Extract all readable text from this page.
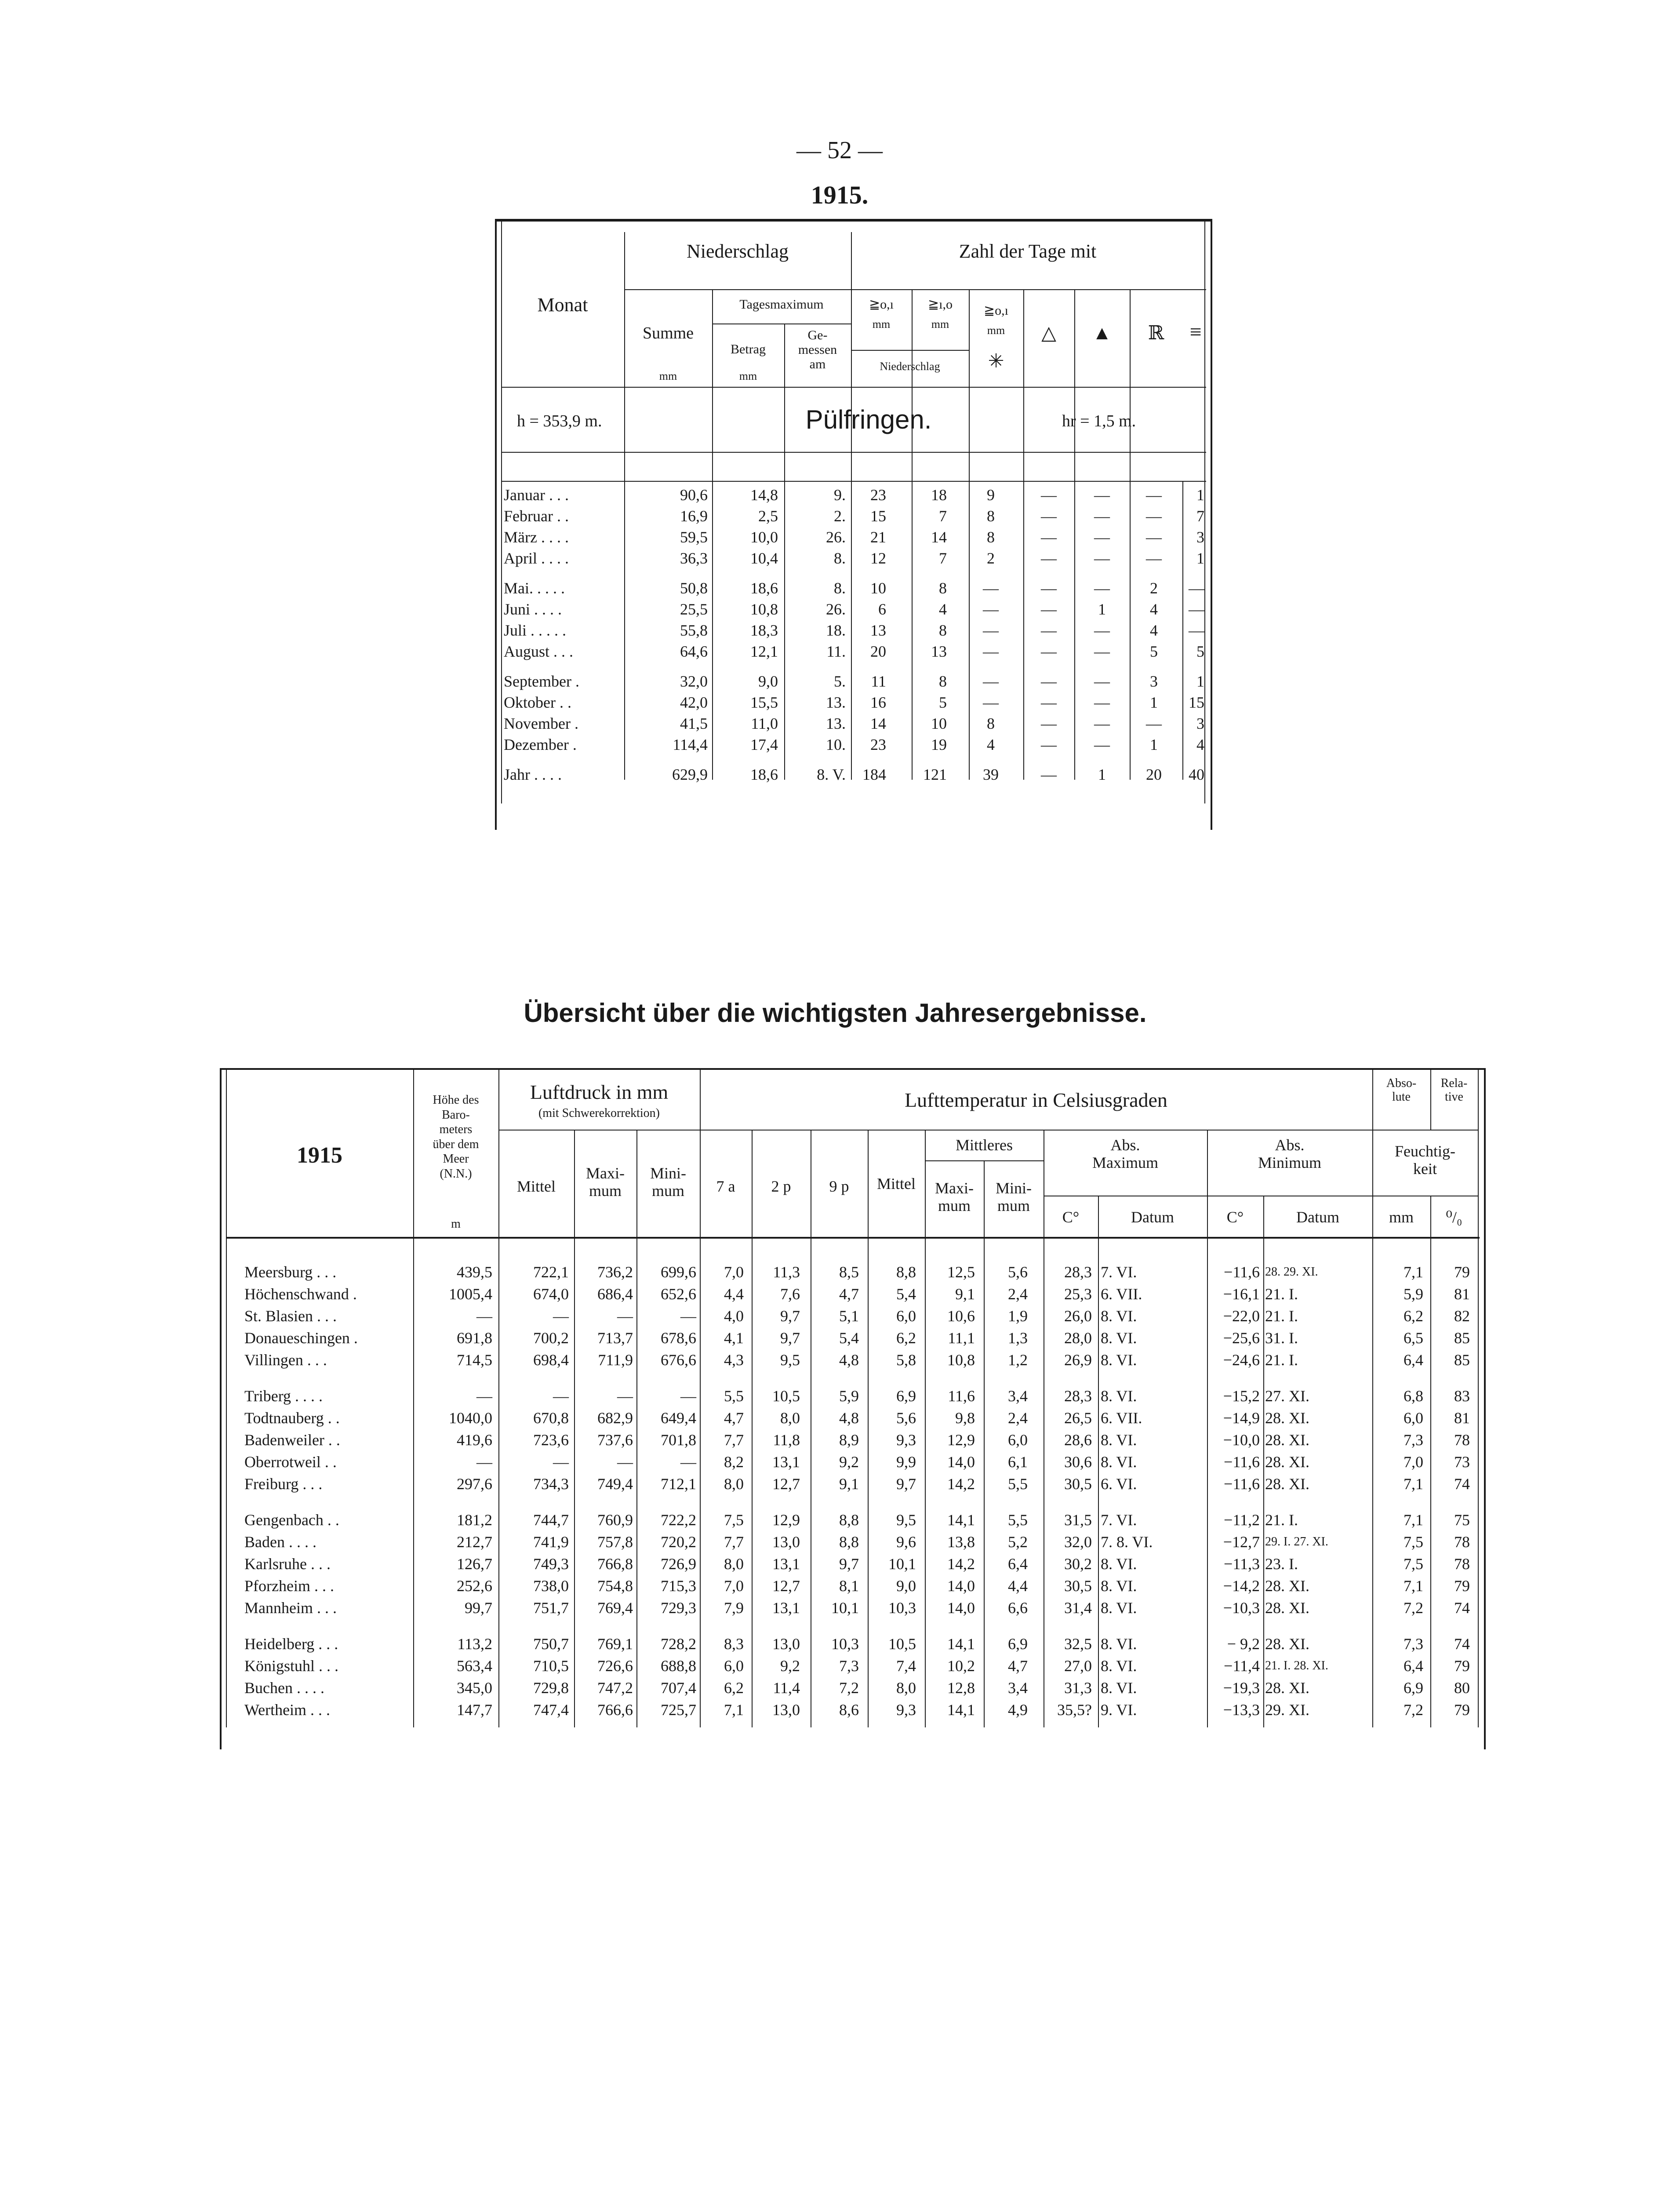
— 52 —
1915.
Monat
Niederschlag	Zahl der Tage mit
Summe
mm
Tagesmaximum
Betrag
mm
Ge-
messen
am
≧o,ı
mm
≧ı,o
mm
Niederschlag
≧o,ı
mm
✳
△	▲	ℝ	≡
h = 353,9 m.	Pülfringen.	hr = 1,5 m.
Januar . . .	90,6	14,8	9.	23	18	9	—	—	—	1
Februar . .	16,9	2,5	2.	15	7	8	—	—	—	7
März . . . .	59,5	10,0	26.	21	14	8	—	—	—	3
April . . . .	36,3	10,4	8.	12	7	2	—	—	—	1
Mai. . . . .	50,8	18,6	8.	10	8	—	—	—	2	—
Juni . . . .	25,5	10,8	26.	6	4	—	—	1	4	—
Juli . . . . .	55,8	18,3	18.	13	8	—	—	—	4	—
August . . .	64,6	12,1	11.	20	13	—	—	—	5	5
September .	32,0	9,0	5.	11	8	—	—	—	3	1
Oktober . .	42,0	15,5	13.	16	5	—	—	—	1	15
November .	41,5	11,0	13.	14	10	8	—	—	—	3
Dezember .	114,4	17,4	10.	23	19	4	—	—	1	4
Jahr . . . .	629,9	18,6	8. V.	184	121	39	—	1	20	40
Übersicht über die wichtigsten Jahresergebnisse.
1915
Höhe des
Baro-
meters
über dem
Meer
(N.N.)
m
Luftdruck in mm
(mit Schwerekorrektion)
Mittel
Maxi-
mum
Mini-
mum
Lufttemperatur in Celsiusgraden
7 a	2 p	9 p	Mittel
Mittleres
Maxi-
mum
Mini-
mum
Abs.
Maximum
Abs.
Minimum
C°	Datum	C°	Datum
Abso-
lute
Rela-
tive
Feuchtig-
keit
mm	⁰/₀
Meersburg . . .	439,5	722,1	736,2	699,6	7,0	11,3	8,5	8,8	12,5	5,6	28,3 7. VI.	−11,6 28. 29. XI.	7,1	79
Höchenschwand .	1005,4	674,0	686,4	652,6	4,4	7,6	4,7	5,4	9,1	2,4	25,3 6. VII.	−16,1 21. I.	5,9	81
St. Blasien . . .	—	—	—	—	4,0	9,7	5,1	6,0	10,6	1,9	26,0 8. VI.	−22,0 21. I.	6,2	82
Donaueschingen .	691,8	700,2	713,7	678,6	4,1	9,7	5,4	6,2	11,1	1,3	28,0 8. VI.	−25,6 31. I.	6,5	85
Villingen . . .	714,5	698,4	711,9	676,6	4,3	9,5	4,8	5,8	10,8	1,2	26,9 8. VI.	−24,6 21. I.	6,4	85
Triberg . . . .	—	—	—	—	5,5	10,5	5,9	6,9	11,6	3,4	28,3 8. VI.	−15,2 27. XI.	6,8	83
Todtnauberg . .	1040,0	670,8	682,9	649,4	4,7	8,0	4,8	5,6	9,8	2,4	26,5 6. VII.	−14,9 28. XI.	6,0	81
Badenweiler . .	419,6	723,6	737,6	701,8	7,7	11,8	8,9	9,3	12,9	6,0	28,6 8. VI.	−10,0 28. XI.	7,3	78
Oberrotweil . .	—	—	—	—	8,2	13,1	9,2	9,9	14,0	6,1	30,6 8. VI.	−11,6 28. XI.	7,0	73
Freiburg . . .	297,6	734,3	749,4	712,1	8,0	12,7	9,1	9,7	14,2	5,5	30,5 6. VI.	−11,6 28. XI.	7,1	74
Gengenbach . .	181,2	744,7	760,9	722,2	7,5	12,9	8,8	9,5	14,1	5,5	31,5 7. VI.	−11,2 21. I.	7,1	75
Baden . . . .	212,7	741,9	757,8	720,2	7,7	13,0	8,8	9,6	13,8	5,2	32,0 7. 8. VI.	−12,7 29. I. 27. XI.	7,5	78
Karlsruhe . . .	126,7	749,3	766,8	726,9	8,0	13,1	9,7	10,1	14,2	6,4	30,2 8. VI.	−11,3 23. I.	7,5	78
Pforzheim . . .	252,6	738,0	754,8	715,3	7,0	12,7	8,1	9,0	14,0	4,4	30,5 8. VI.	−14,2 28. XI.	7,1	79
Mannheim . . .	99,7	751,7	769,4	729,3	7,9	13,1	10,1	10,3	14,0	6,6	31,4 8. VI.	−10,3 28. XI.	7,2	74
Heidelberg . . .	113,2	750,7	769,1	728,2	8,3	13,0	10,3	10,5	14,1	6,9	32,5 8. VI.	− 9,2 28. XI.	7,3	74
Königstuhl . . .	563,4	710,5	726,6	688,8	6,0	9,2	7,3	7,4	10,2	4,7	27,0 8. VI.	−11,4 21. I. 28. XI.	6,4	79
Buchen . . . .	345,0	729,8	747,2	707,4	6,2	11,4	7,2	8,0	12,8	3,4	31,3 8. VI.	−19,3 28. XI.	6,9	80
Wertheim . . .	147,7	747,4	766,6	725,7	7,1	13,0	8,6	9,3	14,1	4,9	35,5? 9. VI.	−13,3 29. XI.	7,2	79
